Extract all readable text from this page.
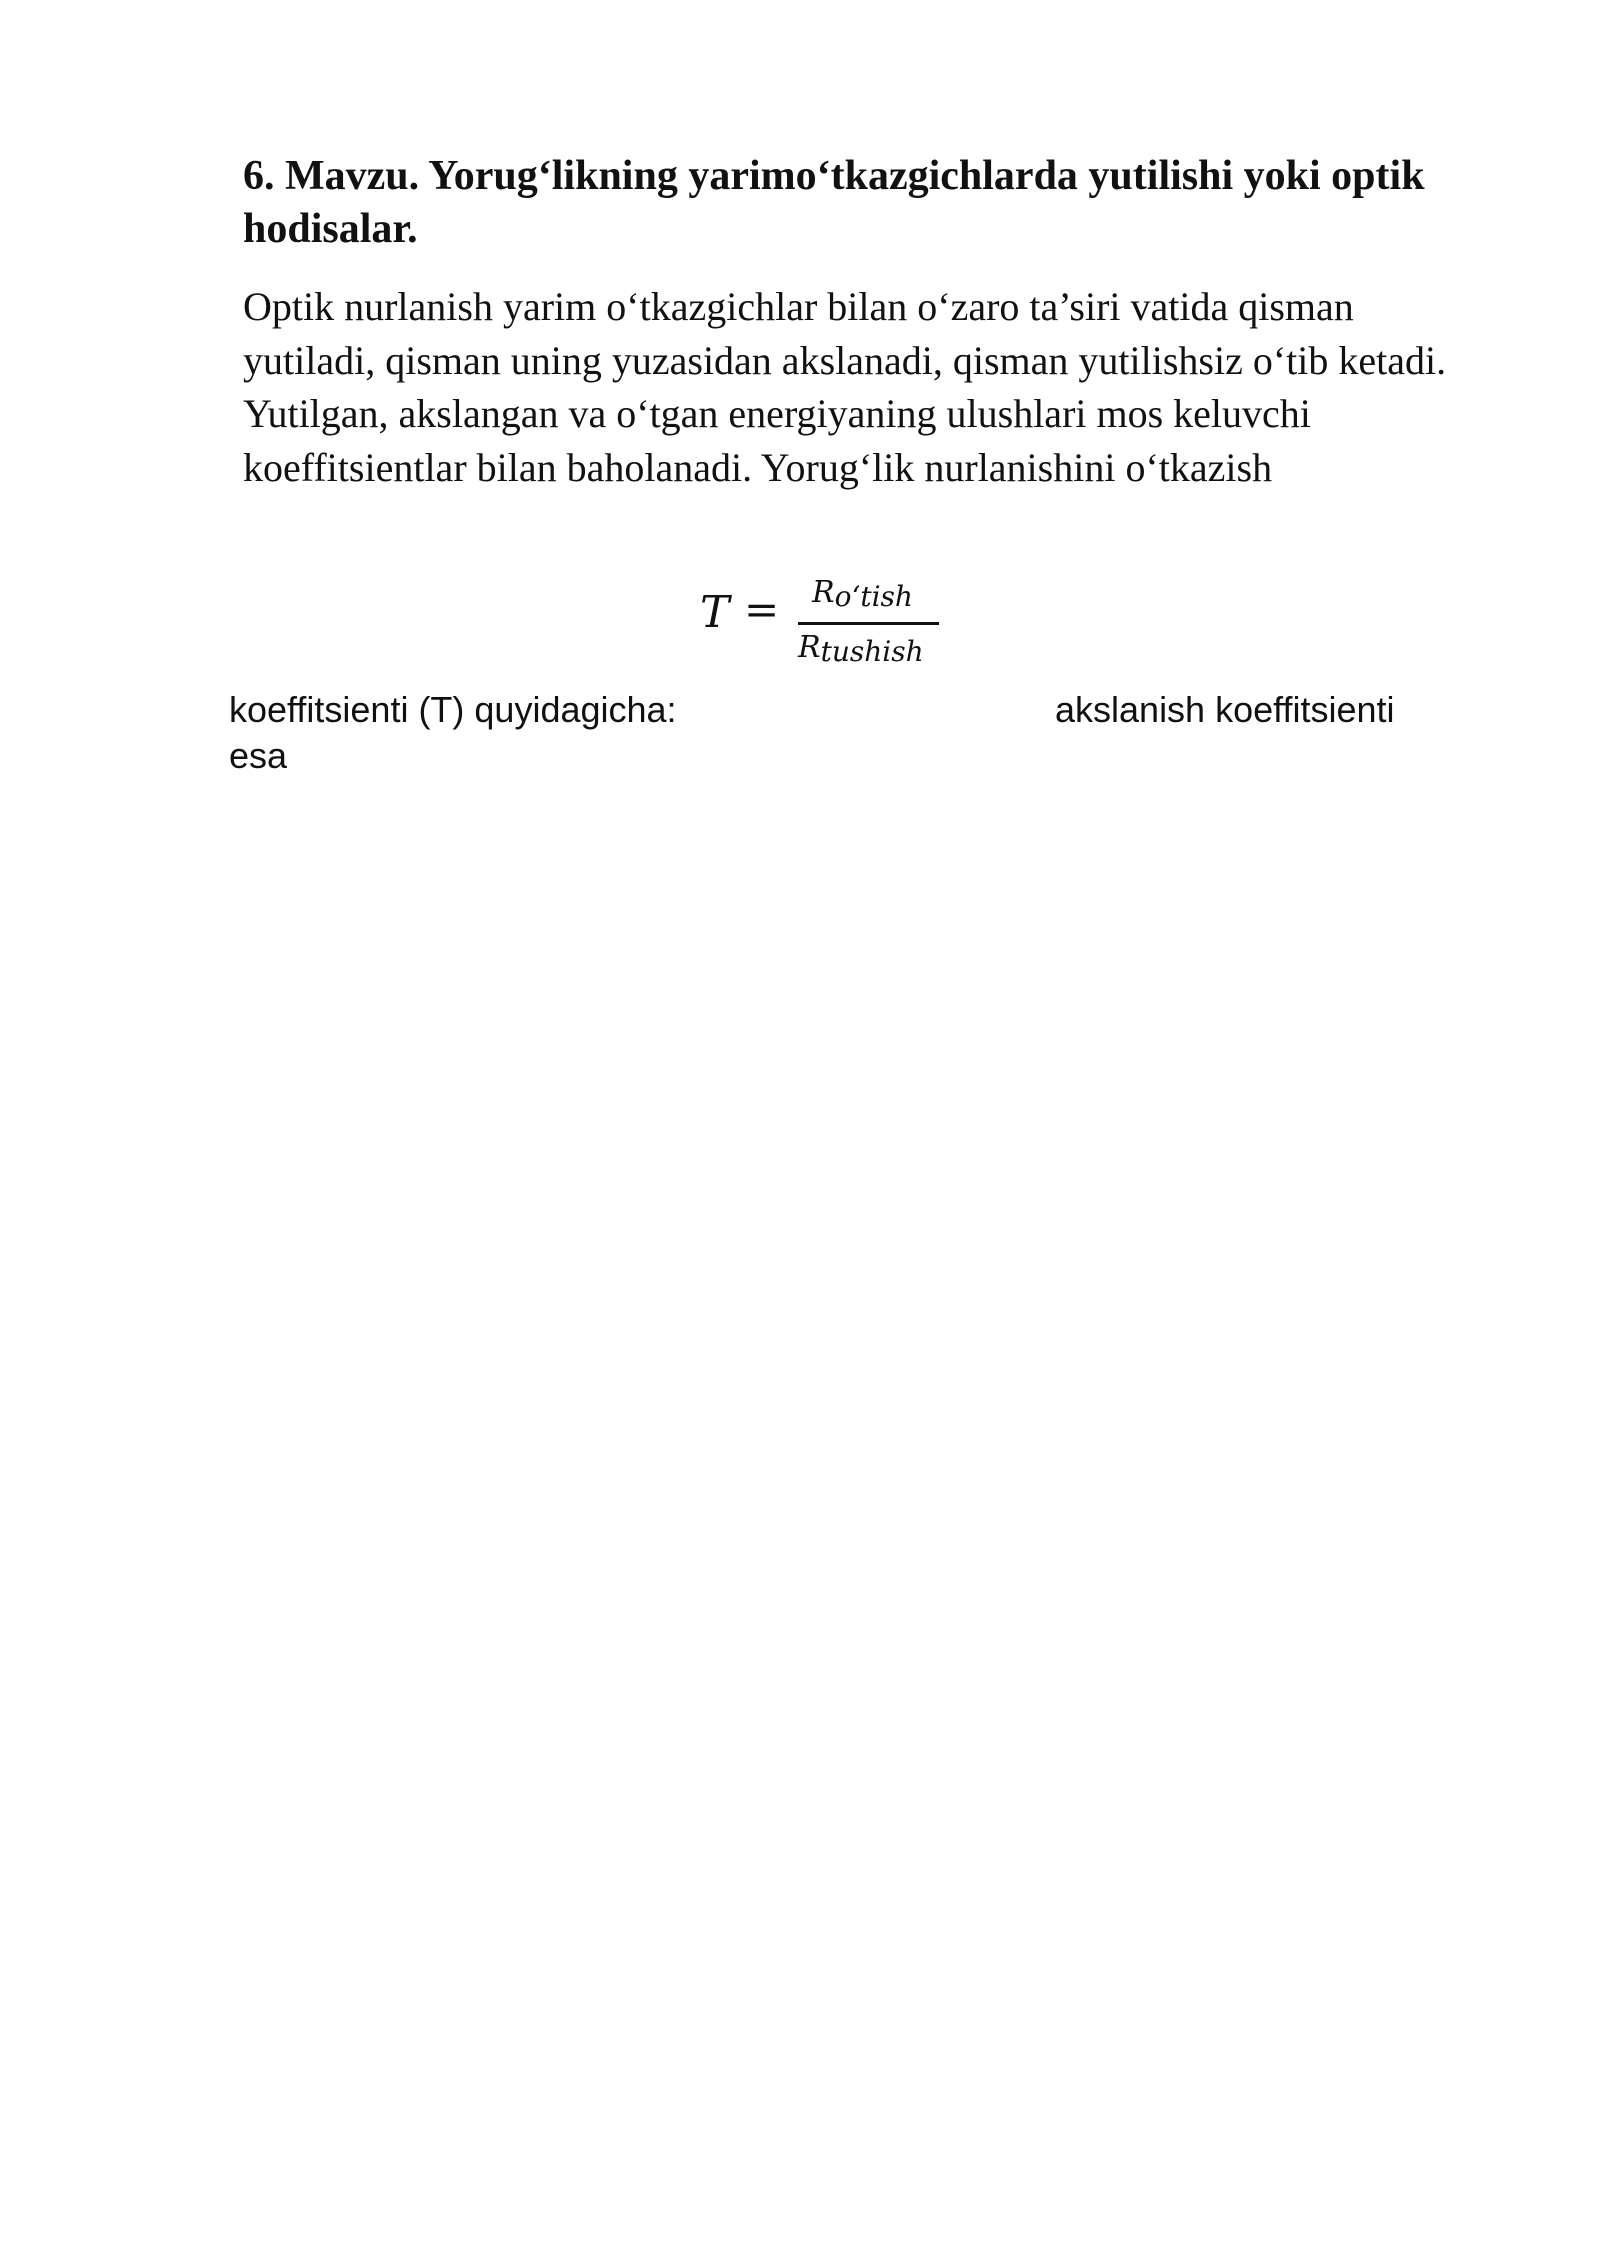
6. Mavzu. Yorug‘likning yarimo‘tkazgichlarda yutilishi yoki optik hodisalar.

Optik nurlanish yarim o‘tkazgichlar bilan o‘zaro ta’siri vatida qisman yutiladi, qisman uning yuzasidan akslanadi, qisman yutilishsiz o‘tib ketadi. Yutilgan, akslangan va o‘tgan energiyaning ulushlari mos keluvchi koeffitsientlar bilan baholanadi. Yorug‘lik nurlanishini o‘tkazish

$T = R_{o‘tish}$
$R_{tushish}$

koeffitsienti (T) quyidagicha:	akslanish koeffitsienti

esa
